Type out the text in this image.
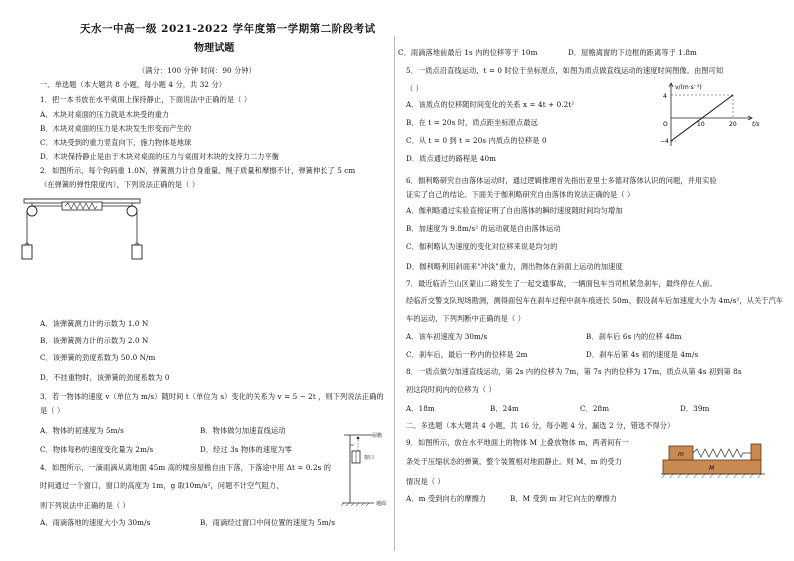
天水一中高一级 2021-2022 学年度第一学期第二阶段考试
物理试题
（满分：100 分钟 时间：90 分钟）
一、单选题（本大题共 8 小题，每小题 4 分，共 32 分）
1．把一本书放在水平桌面上保持静止，下面说法中正确的是（ ）
A．木块对桌面的压力就是木块受的重力
B．木块对桌面的压力是木块发生形变而产生的
C．木块受到的重力竖直向下，施力物体是地球
D．木块保持静止是由于木块对桌面的压力与桌面对木块的支持力二力平衡
2．如图所示，每个钩码重 1.0N，弹簧测力计自身重量、绳子质量和摩擦不计，弹簧伸长了 5 cm
（在弹簧的弹性限度内），下列说法正确的是（ ）
A．该弹簧测力计的示数为 1.0 N
B．该弹簧测力计的示数为 2.0 N
C．该弹簧的劲度系数为 50.0 N/m
D．不挂重物时，该弹簧的劲度系数为 0
3．若一物体的速度 v（单位为 m/s）随时间 t（单位为 s）变化的关系为 v = 5 − 2t ，则下列说法正确的
是（ ）
A．物体的初速度为 5m/s	B．物体做匀加速直线运动
C．物体每秒的速度变化量为 2m/s	D．经过 3s 物体的速度为零
4．如图所示，一滴雨滴从离地面 45m 高的楼房屋檐自由下落，下落途中用 Δt = 0.2s 的
时间通过一个窗口，窗口的高度为 1m，g 取10m/s²，问题不计空气阻力，
则下列说法中正确的是（ ）
A．雨滴落地的速度大小为 30m/s	B．雨滴经过窗口中间位置的速度为 5m/s
屋檐
窗口
地面
C．雨滴落地前最后 1s 内的位移等于 10m	D．屋檐离窗的下边框的距离等于 1.8m
5．一质点沿直线运动，t = 0 时位于坐标原点，如图为质点做直线运动的速度时间图像。由图可知
（ ）
A．该质点的位移随时间变化的关系 x = 4t + 0.2t²
B．在 t = 20s 时，质点距坐标原点最远
C．从 t = 0 到 t = 20s 内质点的位移是 0
D．质点通过的路程是 40m
v/(m·s⁻¹)
t/s
4
−4
10	20
O
6．伽利略研究自由落体运动时，通过逻辑推理首先指出亚里士多德对落体认识的问题，并用实验
证实了自己的结论。下面关于伽利略研究自由落体的说法正确的是（ ）
A．伽利略通过实验直接证明了自由落体的瞬时速度随时间均匀增加
B．加速度为 9.8m/s² 的运动就是自由落体运动
C．伽利略认为速度的变化对位移来说是均匀的
D．伽利略利用斜面来"冲淡"重力，测出物体在斜面上运动的加速度
7．最近临沂兰山区蒙山二路发生了一起交通事故，一辆面包车当司机紧急刹车，最终停在人前。
经临沂交警支队现场勘测，测得面包车在刹车过程中刹车痕迹长 50m，假设刹车后加速度大小为 4m/s²，从关于汽车
车的运动，下列判断中正确的是（ ）
A．该车初速度为 30m/s	B．刹车后 6s 内的位移 48m
C．刹车后，最后一秒内的位移是 2m	D．刹车后第 4s 初的速度是 4m/s
8．一质点做匀加速直线运动，第 2s 内的位移为 7m，第 7s 内的位移为 17m，质点从第 4s 初到第 8s
初这段时间内的位移为（ ）
A．18m	B．24m	C．28m	D．39m
二、多选题（本大题共 4 小题，共 16 分，每小题 4 分，漏选 2 分，错选不得分）
9．如图所示，放在水平地面上的物体 M 上叠放物体 m，两者间有一
条处于压缩状态的弹簧，整个装置相对地面静止。则 M、m 的受力
情况是（ ）
A．m 受到向右的摩擦力	B．M 受到 m 对它向左的摩擦力
m
M
